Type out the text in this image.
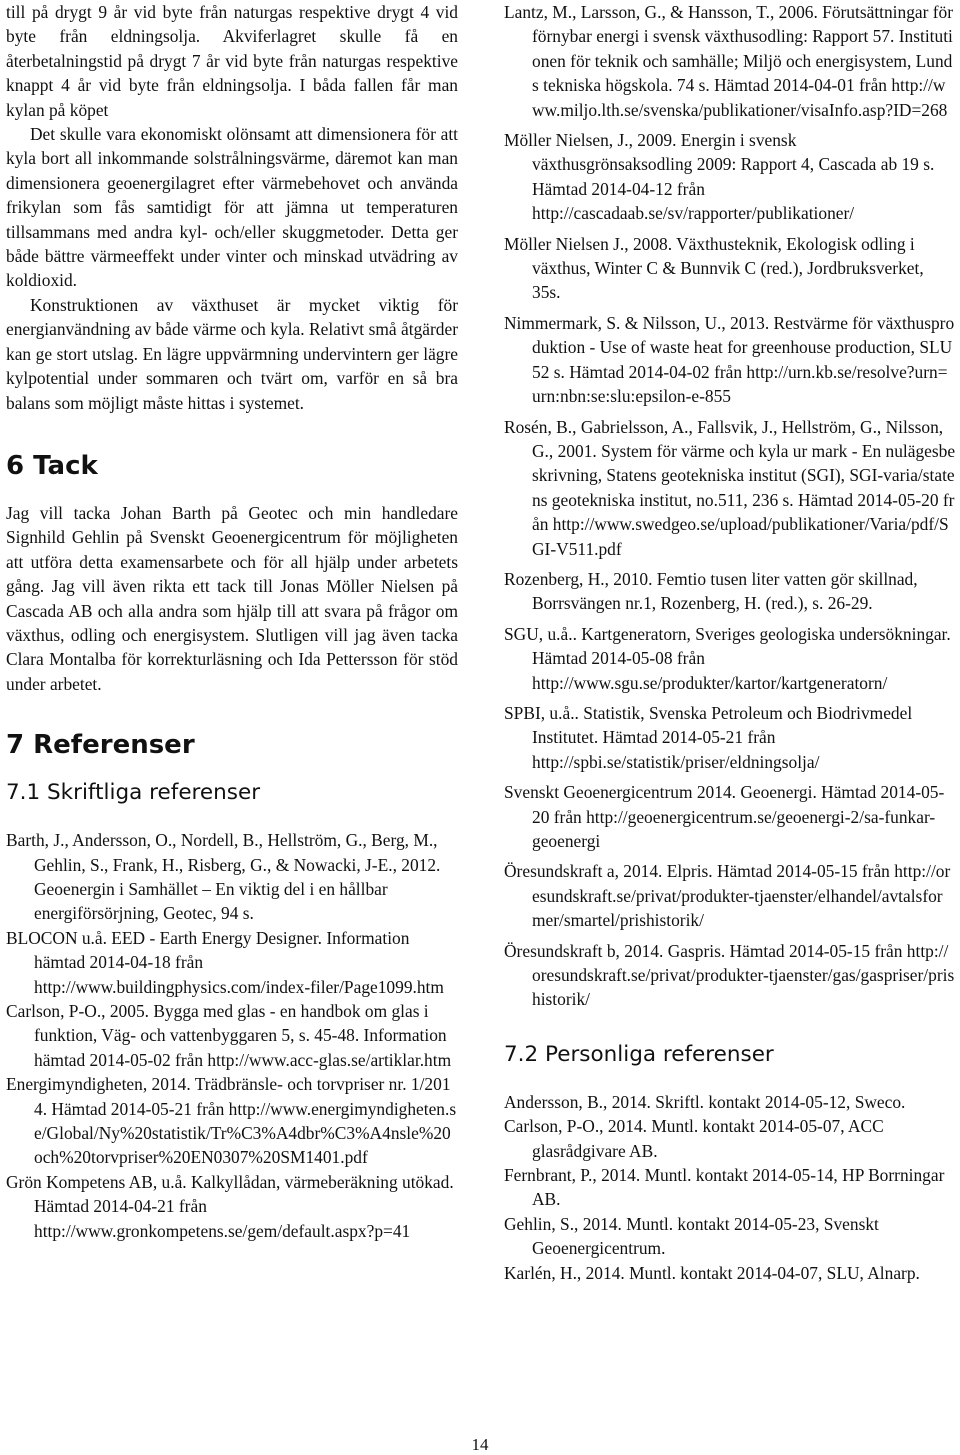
till på drygt 9 år vid byte från naturgas respektive drygt 4 vid byte från eldningsolja. Akviferlagret skulle få en återbetalningstid på drygt 7 år vid byte från naturgas respektive knappt 4 år vid byte från eldningsolja. I båda fallen får man kylan på köpet

Det skulle vara ekonomiskt olönsamt att dimensionera för att kyla bort all inkommande solstrålningsvärme, däremot kan man dimensionera geoenergilagret efter värmebehovet och använda frikylan som fås samtidigt för att jämna ut temperaturen tillsammans med andra kyl- och/eller skuggmetoder. Detta ger både bättre värmeeffekt under vinter och minskad utvädring av koldioxid.

Konstruktionen av växthuset är mycket viktig för energianvändning av både värme och kyla. Relativt små åtgärder kan ge stort utslag. En lägre uppvärmning undervintern ger lägre kylpotential under sommaren och tvärt om, varför en så bra balans som möjligt måste hittas i systemet.

6 Tack

Jag vill tacka Johan Barth på Geotec och min handledare Signhild Gehlin på Svenskt Geoenergicentrum för möjligheten att utföra detta examensarbete och för all hjälp under arbetets gång. Jag vill även rikta ett tack till Jonas Möller Nielsen på Cascada AB och alla andra som hjälp till att svara på frågor om växthus, odling och energisystem. Slutligen vill jag även tacka Clara Montalba för korrekturläsning och Ida Pettersson för stöd under arbetet.

7 Referenser
7.1 Skriftliga referenser

Barth, J., Andersson, O., Nordell, B., Hellström, G., Berg, M., Gehlin, S., Frank, H., Risberg, G., & Nowacki, J-E., 2012. Geoenergin i Samhället – En viktig del i en hållbar energiförsörjning, Geotec, 94 s.

BLOCON u.å. EED - Earth Energy Designer. Information hämtad 2014-04-18 från http://www.buildingphysics.com/index-filer/Page1099.htm

Carlson, P-O., 2005. Bygga med glas - en handbok om glas i funktion, Väg- och vattenbyggaren 5, s. 45-48. Information hämtad 2014-05-02 från http://www.acc-glas.se/artiklar.htm

Energimyndigheten, 2014. Trädbränsle- och torvpriser nr. 1/2014. Hämtad 2014-05-21 från http://www.energimyndigheten.se/Global/Ny%20statistik/Tr%C3%A4dbr%C3%A4nsle%20och%20torvpriser%20EN0307%20SM1401.pdf

Grön Kompetens AB, u.å. Kalkyllådan, värmeberäkning utökad. Hämtad 2014-04-21 från http://www.gronkompetens.se/gem/default.aspx?p=41

Lantz, M., Larsson, G., & Hansson, T., 2006. Förutsättningar för förnybar energi i svensk växthusodling: Rapport 57. Institutionen för teknik och samhälle; Miljö och energisystem, Lunds tekniska högskola. 74 s. Hämtad 2014-04-01 från http://www.miljo.lth.se/svenska/publikationer/visaInfo.asp?ID=268

Möller Nielsen, J., 2009. Energin i svensk växthusgrönsaksodling 2009: Rapport 4, Cascada ab 19 s. Hämtad 2014-04-12 från http://cascadaab.se/sv/rapporter/publikationer/

Möller Nielsen J., 2008. Växthusteknik, Ekologisk odling i växthus, Winter C & Bunnvik C (red.), Jordbruksverket, 35s.

Nimmermark, S. & Nilsson, U., 2013. Restvärme för växthusproduktion - Use of waste heat for greenhouse production, SLU 52 s. Hämtad 2014-04-02 från http://urn.kb.se/resolve?urn=urn:nbn:se:slu:epsilon-e-855

Rosén, B., Gabrielsson, A., Fallsvik, J., Hellström, G., Nilsson, G., 2001. System för värme och kyla ur mark - En nulägesbeskrivning, Statens geotekniska institut (SGI), SGI-varia/statens geotekniska institut, no.511, 236 s. Hämtad 2014-05-20 från http://www.swedgeo.se/upload/publikationer/Varia/pdf/SGI-V511.pdf

Rozenberg, H., 2010. Femtio tusen liter vatten gör skillnad, Borrsvängen nr.1, Rozenberg, H. (red.), s. 26-29.

SGU, u.å.. Kartgeneratorn, Sveriges geologiska undersökningar. Hämtad 2014-05-08 från http://www.sgu.se/produkter/kartor/kartgeneratorn/

SPBI, u.å.. Statistik, Svenska Petroleum och Biodrivmedel Institutet. Hämtad 2014-05-21 från http://spbi.se/statistik/priser/eldningsolja/

Svenskt Geoenergicentrum 2014. Geoenergi. Hämtad 2014-05-20 från http://geoenergicentrum.se/geoenergi-2/sa-funkar-geoenergi

Öresundskraft a, 2014. Elpris. Hämtad 2014-05-15 från http://oresundskraft.se/privat/produkter-tjaenster/elhandel/avtalsformer/smartel/prishistorik/

Öresundskraft b, 2014. Gaspris. Hämtad 2014-05-15 från http://oresundskraft.se/privat/produkter-tjaenster/gas/gaspriser/prishistorik/

7.2 Personliga referenser

Andersson, B., 2014. Skriftl. kontakt 2014-05-12, Sweco.

Carlson, P-O., 2014. Muntl. kontakt 2014-05-07, ACC glasrådgivare AB.

Fernbrant, P., 2014. Muntl. kontakt 2014-05-14, HP Borrningar AB.

Gehlin, S., 2014. Muntl. kontakt 2014-05-23, Svenskt Geoenergicentrum.

Karlén, H., 2014. Muntl. kontakt 2014-04-07, SLU, Alnarp.

14
